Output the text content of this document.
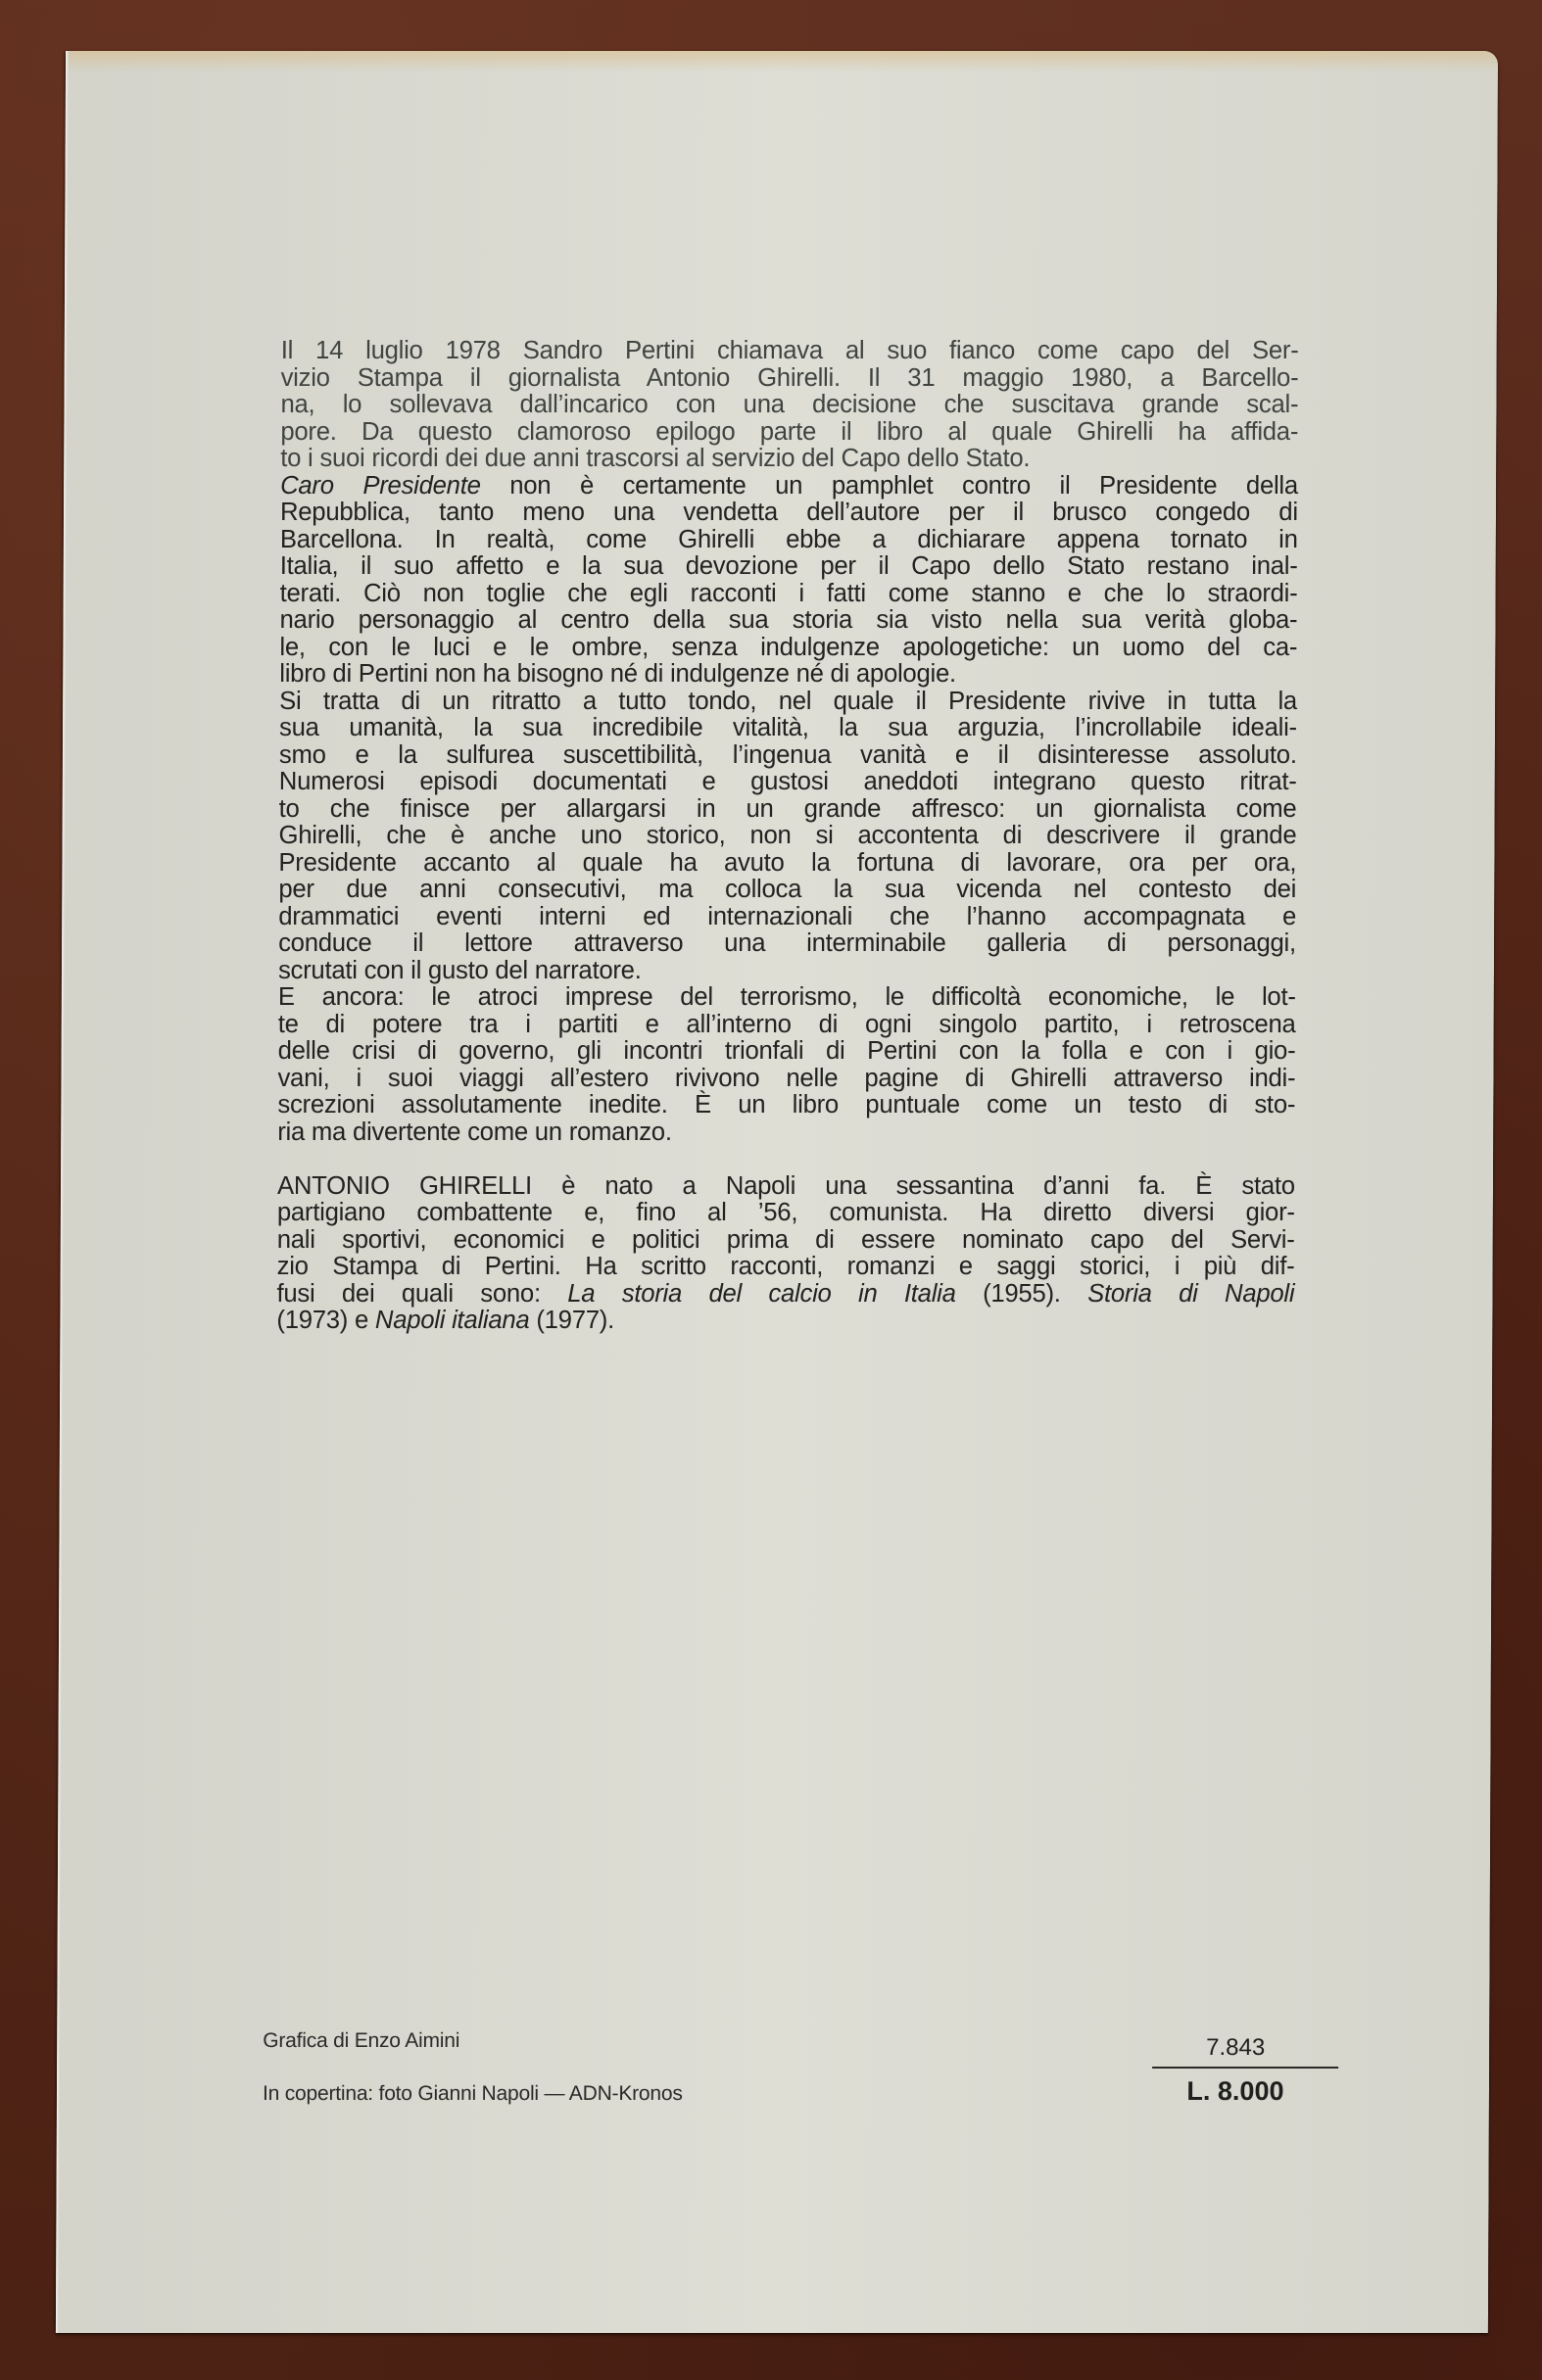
Il 14 luglio 1978 Sandro Pertini chiamava al suo fianco come capo del Ser-
vizio Stampa il giornalista Antonio Ghirelli. Il 31 maggio 1980, a Barcello-
na, lo sollevava dall’incarico con una decisione che suscitava grande scal-
pore. Da questo clamoroso epilogo parte il libro al quale Ghirelli ha affida-
to i suoi ricordi dei due anni trascorsi al servizio del Capo dello Stato.

Caro Presidente non è certamente un pamphlet contro il Presidente della
Repubblica, tanto meno una vendetta dell’autore per il brusco congedo di
Barcellona. In realtà, come Ghirelli ebbe a dichiarare appena tornato in
Italia, il suo affetto e la sua devozione per il Capo dello Stato restano inal-
terati. Ciò non toglie che egli racconti i fatti come stanno e che lo straordi-
nario personaggio al centro della sua storia sia visto nella sua verità globa-
le, con le luci e le ombre, senza indulgenze apologetiche: un uomo del ca-
libro di Pertini non ha bisogno né di indulgenze né di apologie.

Si tratta di un ritratto a tutto tondo, nel quale il Presidente rivive in tutta la
sua umanità, la sua incredibile vitalità, la sua arguzia, l’incrollabile ideali-
smo e la sulfurea suscettibilità, l’ingenua vanità e il disinteresse assoluto.
Numerosi episodi documentati e gustosi aneddoti integrano questo ritrat-
to che finisce per allargarsi in un grande affresco: un giornalista come
Ghirelli, che è anche uno storico, non si accontenta di descrivere il grande
Presidente accanto al quale ha avuto la fortuna di lavorare, ora per ora,
per due anni consecutivi, ma colloca la sua vicenda nel contesto dei
drammatici eventi interni ed internazionali che l’hanno accompagnata e
conduce il lettore attraverso una interminabile galleria di personaggi,
scrutati con il gusto del narratore.

E ancora: le atroci imprese del terrorismo, le difficoltà economiche, le lot-
te di potere tra i partiti e all’interno di ogni singolo partito, i retroscena
delle crisi di governo, gli incontri trionfali di Pertini con la folla e con i gio-
vani, i suoi viaggi all’estero rivivono nelle pagine di Ghirelli attraverso indi-
screzioni assolutamente inedite. È un libro puntuale come un testo di sto-
ria ma divertente come un romanzo.

ANTONIO GHIRELLI è nato a Napoli una sessantina d’anni fa. È stato
partigiano combattente e, fino al ’56, comunista. Ha diretto diversi gior-
nali sportivi, economici e politici prima di essere nominato capo del Servi-
zio Stampa di Pertini. Ha scritto racconti, romanzi e saggi storici, i più dif-
fusi dei quali sono: La storia del calcio in Italia (1955). Storia di Napoli
(1973) e Napoli italiana (1977).

Grafica di Enzo Aimini
In copertina: foto Gianni Napoli — ADN-Kronos
7.843
L. 8.000
